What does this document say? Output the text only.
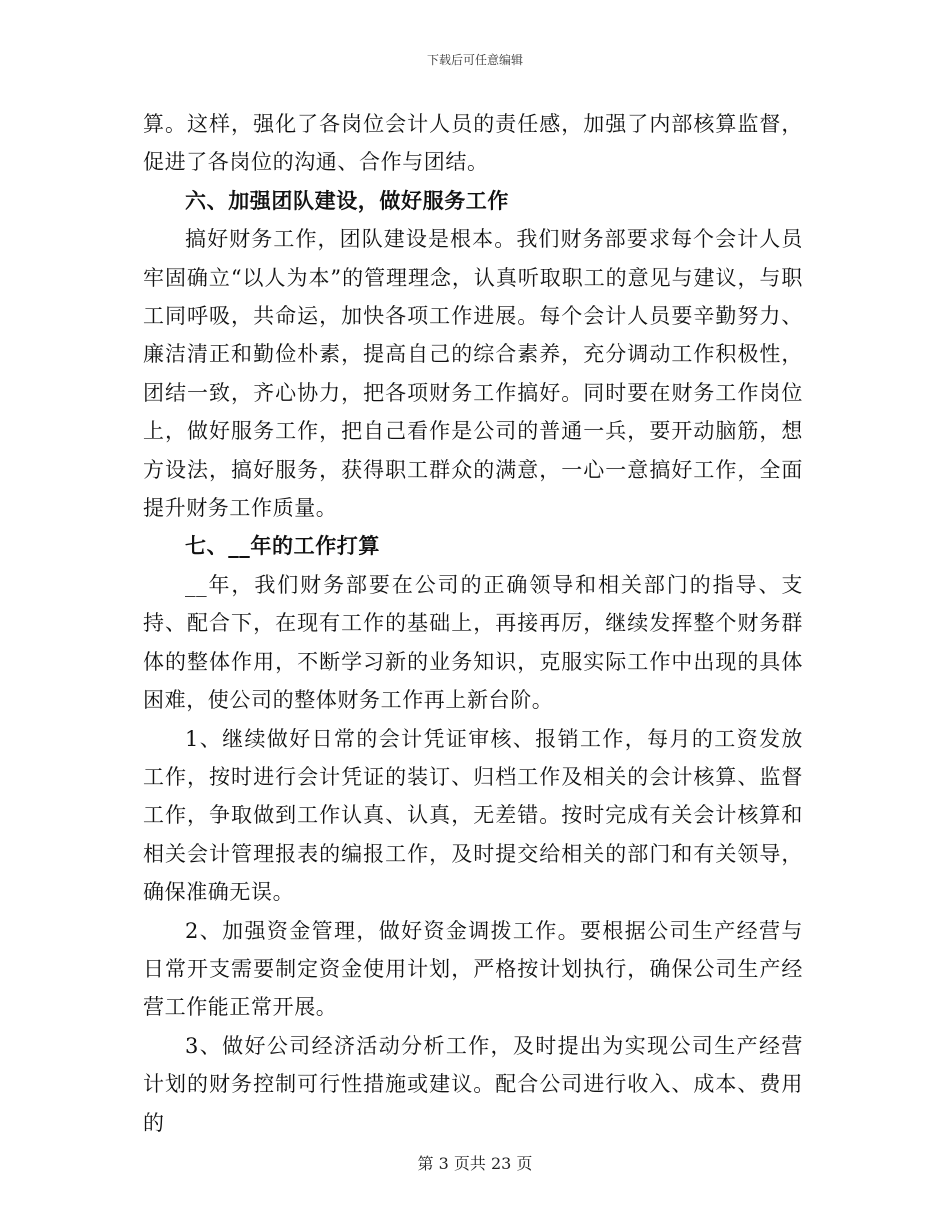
下载后可任意编辑

算。这样，强化了各岗位会计人员的责任感，加强了内部核算监督，促进了各岗位的沟通、合作与团结。

六、加强团队建设，做好服务工作

搞好财务工作，团队建设是根本。我们财务部要求每个会计人员牢固确立“以人为本”的管理理念，认真听取职工的意见与建议，与职工同呼吸，共命运，加快各项工作进展。每个会计人员要辛勤努力、廉洁清正和勤俭朴素，提高自己的综合素养，充分调动工作积极性，团结一致，齐心协力，把各项财务工作搞好。同时要在财务工作岗位上，做好服务工作，把自己看作是公司的普通一兵，要开动脑筋，想方设法，搞好服务，获得职工群众的满意，一心一意搞好工作，全面提升财务工作质量。

七、__年的工作打算

__年，我们财务部要在公司的正确领导和相关部门的指导、支持、配合下，在现有工作的基础上，再接再厉，继续发挥整个财务群体的整体作用，不断学习新的业务知识，克服实际工作中出现的具体困难，使公司的整体财务工作再上新台阶。

1、继续做好日常的会计凭证审核、报销工作，每月的工资发放工作，按时进行会计凭证的装订、归档工作及相关的会计核算、监督工作，争取做到工作认真、认真，无差错。按时完成有关会计核算和相关会计管理报表的编报工作，及时提交给相关的部门和有关领导，确保准确无误。

2、加强资金管理，做好资金调拨工作。要根据公司生产经营与日常开支需要制定资金使用计划，严格按计划执行，确保公司生产经营工作能正常开展。

3、做好公司经济活动分析工作，及时提出为实现公司生产经营计划的财务控制可行性措施或建议。配合公司进行收入、成本、费用的

第 3 页共 23 页
